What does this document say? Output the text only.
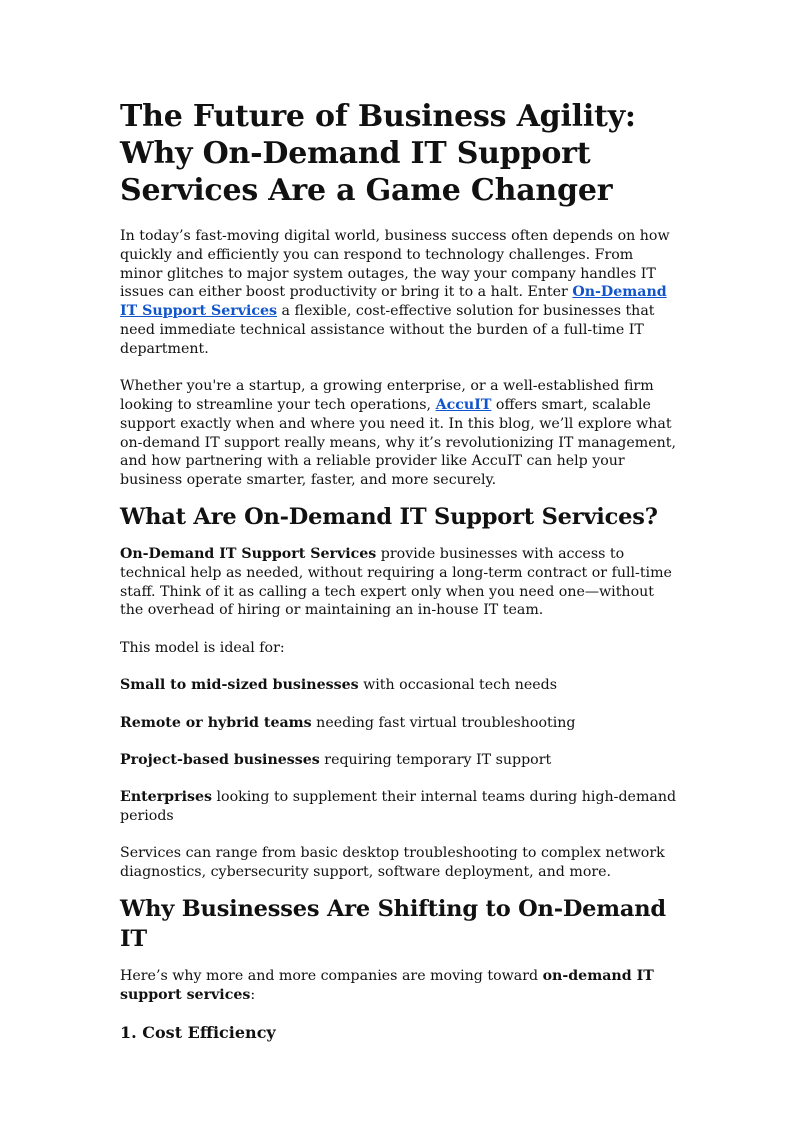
The Future of Business Agility: Why On-Demand IT Support Services Are a Game Changer

In today’s fast-moving digital world, business success often depends on how quickly and efficiently you can respond to technology challenges. From minor glitches to major system outages, the way your company handles IT issues can either boost productivity or bring it to a halt. Enter On-Demand IT Support Services a flexible, cost-effective solution for businesses that need immediate technical assistance without the burden of a full-time IT department.

Whether you're a startup, a growing enterprise, or a well-established firm looking to streamline your tech operations, AccuIT offers smart, scalable support exactly when and where you need it. In this blog, we’ll explore what on-demand IT support really means, why it’s revolutionizing IT management, and how partnering with a reliable provider like AccuIT can help your business operate smarter, faster, and more securely.

What Are On-Demand IT Support Services?

On-Demand IT Support Services provide businesses with access to technical help as needed, without requiring a long-term contract or full-time staff. Think of it as calling a tech expert only when you need one—without the overhead of hiring or maintaining an in-house IT team.

This model is ideal for:

Small to mid-sized businesses with occasional tech needs

Remote or hybrid teams needing fast virtual troubleshooting

Project-based businesses requiring temporary IT support

Enterprises looking to supplement their internal teams during high-demand periods

Services can range from basic desktop troubleshooting to complex network diagnostics, cybersecurity support, software deployment, and more.

Why Businesses Are Shifting to On-Demand IT

Here’s why more and more companies are moving toward on-demand IT support services:

1. Cost Efficiency
